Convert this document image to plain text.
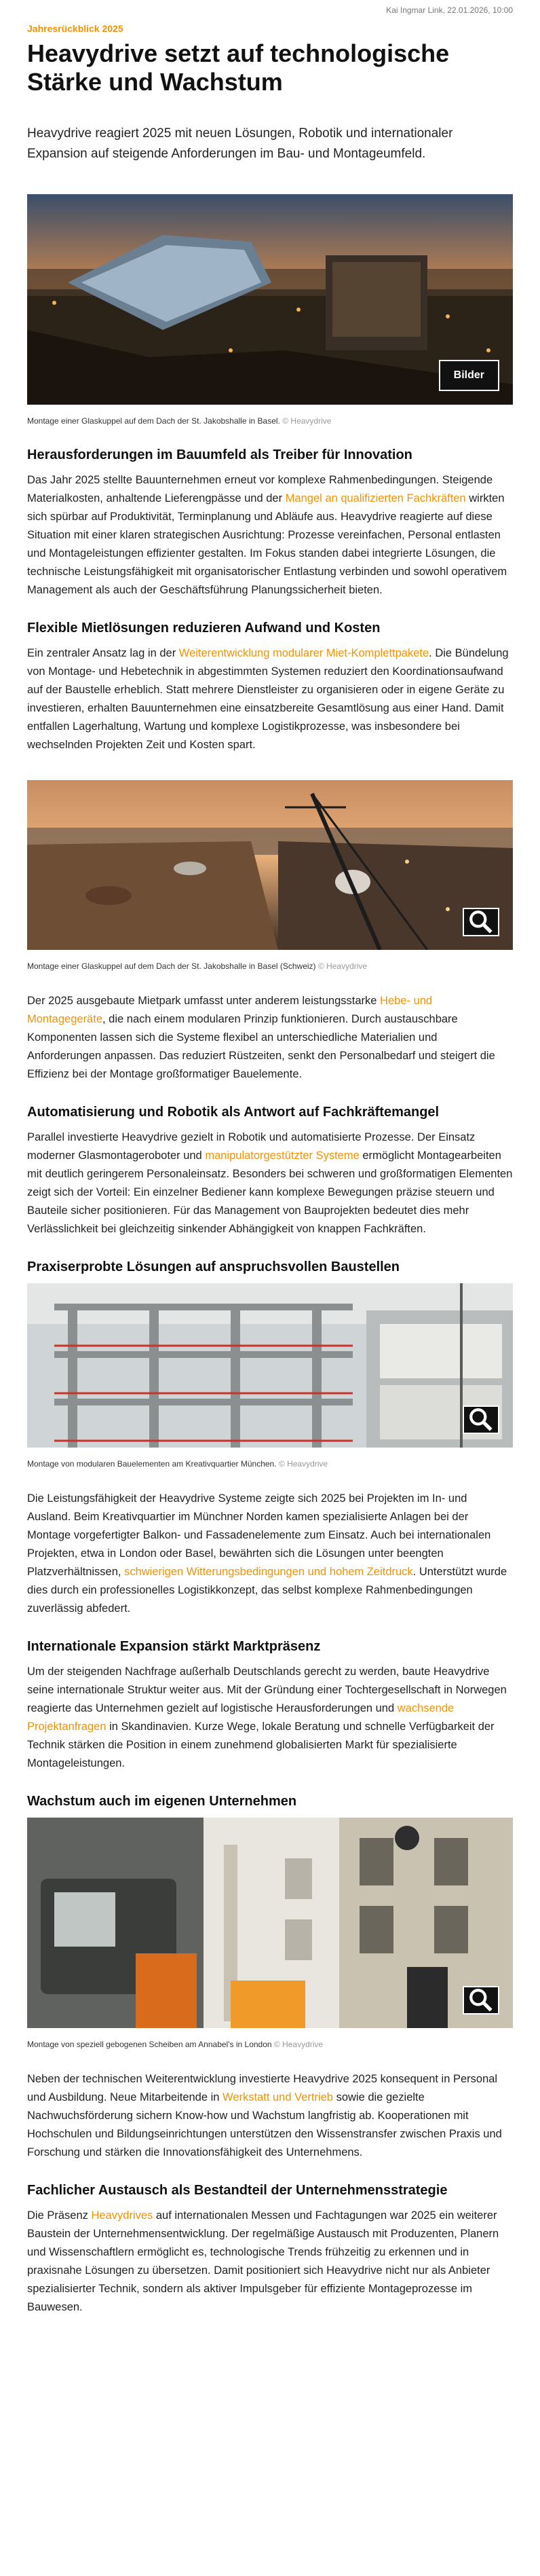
Kai Ingmar Link, 22.01.2026, 10:00
Jahresrückblick 2025
Heavydrive setzt auf technologische Stärke und Wachstum

Heavydrive reagiert 2025 mit neuen Lösungen, Robotik und internationaler Expansion auf steigende Anforderungen im Bau- und Montageumfeld.

Bilder
Montage einer Glaskuppel auf dem Dach der St. Jakobshalle in Basel. © Heavydrive
Herausforderungen im Bauumfeld als Treiber für Innovation

Das Jahr 2025 stellte Bauunternehmen erneut vor komplexe Rahmenbedingungen. Steigende Materialkosten, anhaltende Lieferengpässe und der Mangel an qualifizierten Fachkräften wirkten sich spürbar auf Produktivität, Terminplanung und Abläufe aus. Heavydrive reagierte auf diese Situation mit einer klaren strategischen Ausrichtung: Prozesse vereinfachen, Personal entlasten und Montageleistungen effizienter gestalten. Im Fokus standen dabei integrierte Lösungen, die technische Leistungsfähigkeit mit organisatorischer Entlastung verbinden und sowohl operativem Management als auch der Geschäftsführung Planungssicherheit bieten.

Flexible Mietlösungen reduzieren Aufwand und Kosten

Ein zentraler Ansatz lag in der Weiterentwicklung modularer Miet-Komplettpakete. Die Bündelung von Montage- und Hebetechnik in abgestimmten Systemen reduziert den Koordinationsaufwand auf der Baustelle erheblich. Statt mehrere Dienstleister zu organisieren oder in eigene Geräte zu investieren, erhalten Bauunternehmen eine einsatzbereite Gesamtlösung aus einer Hand. Damit entfallen Lagerhaltung, Wartung und komplexe Logistikprozesse, was insbesondere bei wechselnden Projekten Zeit und Kosten spart.

Montage einer Glaskuppel auf dem Dach der St. Jakobshalle in Basel (Schweiz) © Heavydrive

Der 2025 ausgebaute Mietpark umfasst unter anderem leistungsstarke Hebe- und Montagegeräte, die nach einem modularen Prinzip funktionieren. Durch austauschbare Komponenten lassen sich die Systeme flexibel an unterschiedliche Materialien und Anforderungen anpassen. Das reduziert Rüstzeiten, senkt den Personalbedarf und steigert die Effizienz bei der Montage großformatiger Bauelemente.

Automatisierung und Robotik als Antwort auf Fachkräftemangel

Parallel investierte Heavydrive gezielt in Robotik und automatisierte Prozesse. Der Einsatz moderner Glasmontageroboter und manipulatorgestützter Systeme ermöglicht Montagearbeiten mit deutlich geringerem Personaleinsatz. Besonders bei schweren und großformatigen Elementen zeigt sich der Vorteil: Ein einzelner Bediener kann komplexe Bewegungen präzise steuern und Bauteile sicher positionieren. Für das Management von Bauprojekten bedeutet dies mehr Verlässlichkeit bei gleichzeitig sinkender Abhängigkeit von knappen Fachkräften.

Praxiserprobte Lösungen auf anspruchsvollen Baustellen
Montage von modularen Bauelementen am Kreativquartier München. © Heavydrive

Die Leistungsfähigkeit der Heavydrive Systeme zeigte sich 2025 bei Projekten im In- und Ausland. Beim Kreativquartier im Münchner Norden kamen spezialisierte Anlagen bei der Montage vorgefertigter Balkon- und Fassadenelemente zum Einsatz. Auch bei internationalen Projekten, etwa in London oder Basel, bewährten sich die Lösungen unter beengten Platzverhältnissen, schwierigen Witterungsbedingungen und hohem Zeitdruck. Unterstützt wurde dies durch ein professionelles Logistikkonzept, das selbst komplexe Rahmenbedingungen zuverlässig abfedert.

Internationale Expansion stärkt Marktpräsenz

Um der steigenden Nachfrage außerhalb Deutschlands gerecht zu werden, baute Heavydrive seine internationale Struktur weiter aus. Mit der Gründung einer Tochtergesellschaft in Norwegen reagierte das Unternehmen gezielt auf logistische Herausforderungen und wachsende Projektanfragen in Skandinavien. Kurze Wege, lokale Beratung und schnelle Verfügbarkeit der Technik stärken die Position in einem zunehmend globalisierten Markt für spezialisierte Montageleistungen.

Wachstum auch im eigenen Unternehmen
Montage von speziell gebogenen Scheiben am Annabel's in London © Heavydrive

Neben der technischen Weiterentwicklung investierte Heavydrive 2025 konsequent in Personal und Ausbildung. Neue Mitarbeitende in Werkstatt und Vertrieb sowie die gezielte Nachwuchsförderung sichern Know-how und Wachstum langfristig ab. Kooperationen mit Hochschulen und Bildungseinrichtungen unterstützen den Wissenstransfer zwischen Praxis und Forschung und stärken die Innovationsfähigkeit des Unternehmens.

Fachlicher Austausch als Bestandteil der Unternehmensstrategie

Die Präsenz Heavydrives auf internationalen Messen und Fachtagungen war 2025 ein weiterer Baustein der Unternehmensentwicklung. Der regelmäßige Austausch mit Produzenten, Planern und Wissenschaftlern ermöglicht es, technologische Trends frühzeitig zu erkennen und in praxisnahe Lösungen zu übersetzen. Damit positioniert sich Heavydrive nicht nur als Anbieter spezialisierter Technik, sondern als aktiver Impulsgeber für effiziente Montageprozesse im Bauwesen.
